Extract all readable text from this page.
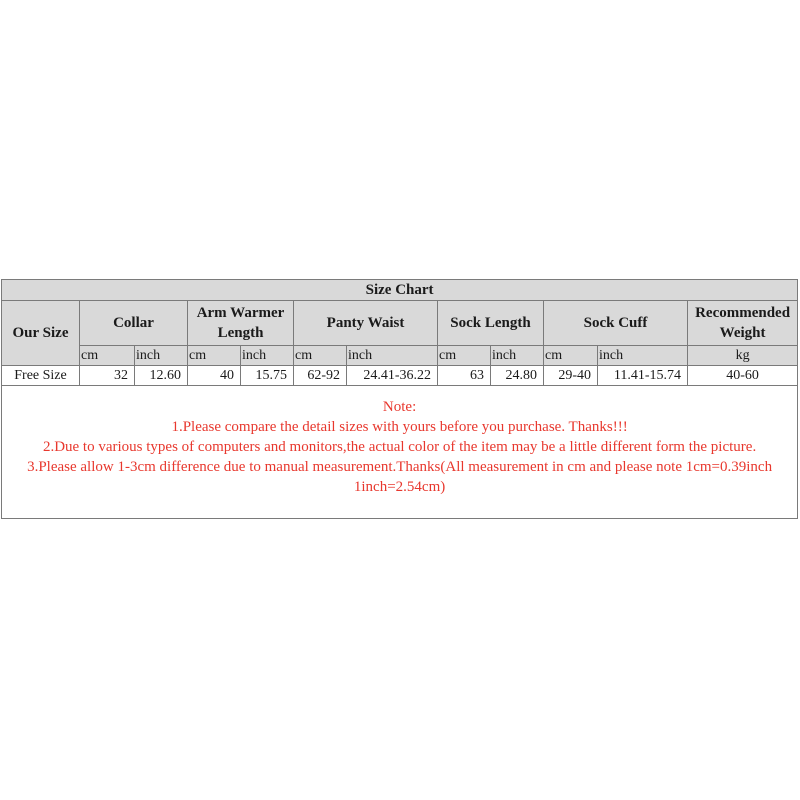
Size Chart											
Our Size	Collar		Arm Warmer Length		Panty Waist		Sock Length		Sock Cuff		Recommended Weight
	cm	inch	cm	inch	cm	inch	cm	inch	cm	inch	kg
Free Size	32	12.60	40	15.75	62-92	24.41-36.22	63	24.80	29-40	11.41-15.74	40-60

Note:
1.Please compare the detail sizes with yours before you purchase. Thanks!!!
2.Due to various types of computers and monitors,the actual color of the item may be a little different form the picture.
3.Please allow 1-3cm difference due to manual measurement.Thanks(All measurement in cm and please note 1cm=0.39inch 1inch=2.54cm)											
